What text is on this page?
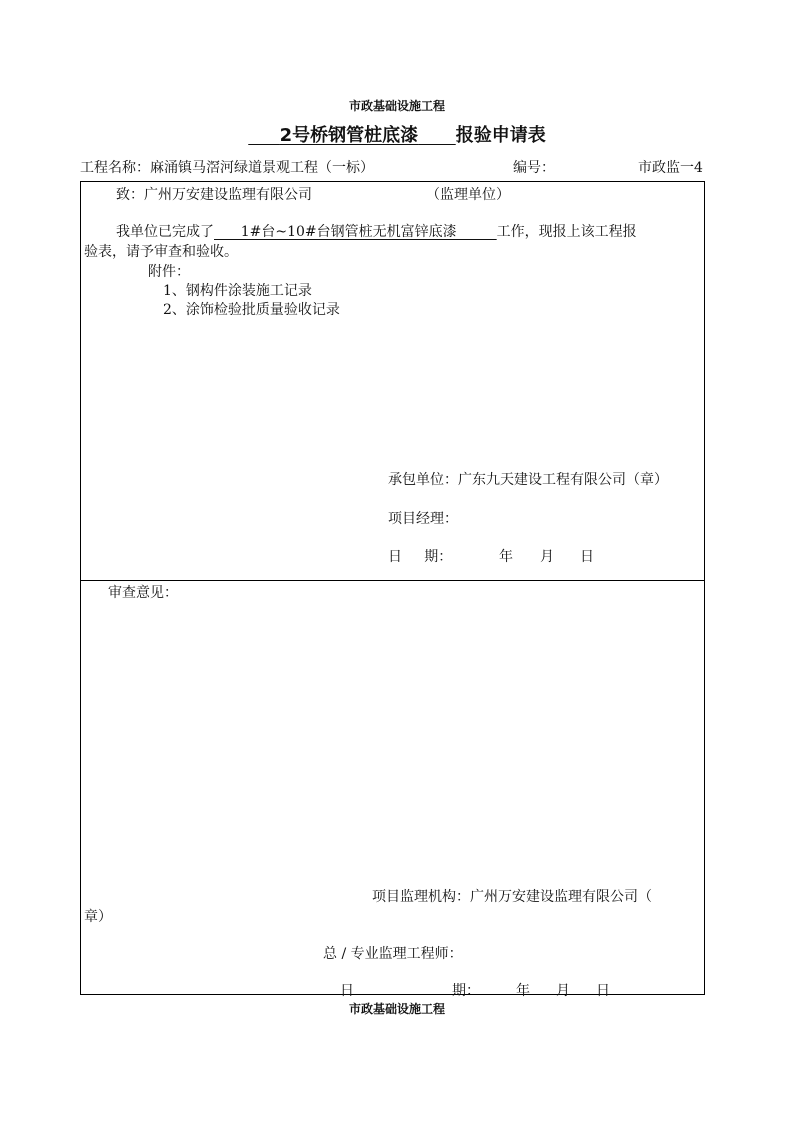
市政基础设施工程
2号桥钢管桩底漆 报验申请表
工程名称：麻涌镇马滘河绿道景观工程（一标）	编号：	市政监一4
致：广州万安建设监理有限公司	（监理单位）
我单位已完成了      1#台~10#台钢管桩无机富锌底漆         工作，现报上该工程报
验表，请予审查和验收。
附件：
1、钢构件涂装施工记录
2、涂饰检验批质量验收记录
承包单位：广东九天建设工程有限公司（章）
项目经理：
日     期：	年 月 日
审查意见：
项目监理机构：广州万安建设监理有限公司（
章）
总 / 专业监理工程师：
日	期：	年 月 日
市政基础设施工程
